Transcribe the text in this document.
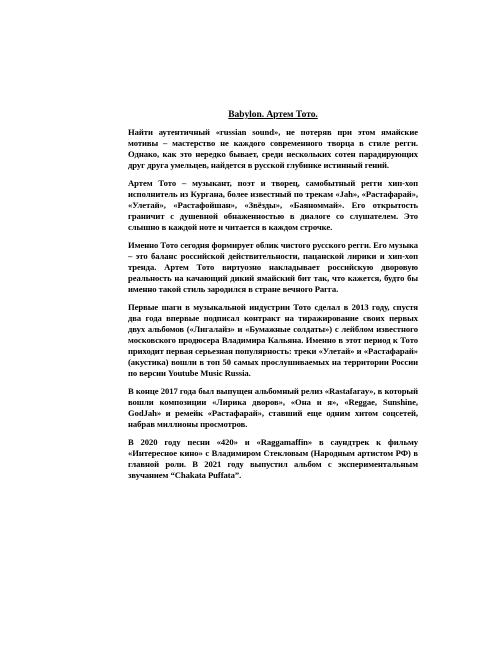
Babylon. Артем Тото.

Найти аутентичный «russian sound», не потеряв при этом ямайские мотивы – мастерство не каждого современного творца в стиле регги. Однако, как это нередко бывает, среди нескольких сотен парадирующих друг друга умельцев, найдется в русской глубинке истинный гений.

Артем Тото – музыкант, поэт и творец, самобытный регги хип-хоп исполнитель из Кургана, более известный по трекам «Jah», «Растафарай», «Улетай», «Растафойшан», «Звёзды», «Баяноммай». Его открытость граничит с душевной обнаженностью в диалоге со слушателем. Это слышно в каждой ноте и читается в каждом строчке.

Именно Тото сегодня формирует облик чистого русского регги. Его музыка – это баланс российской действительности, пацанской лирики и хип-хоп тренда. Артем Тото виртуозно накладывает российскую дворовую реальность на качающий дикий ямайский бит так, что кажется, будто бы именно такой стиль зародился в стране вечного Рагга.

Первые шаги в музыкальной индустрии Тото сделал в 2013 году, спустя два года впервые подписал контракт на тиражирование своих первых двух альбомов («Лигалайз» и «Бумажные солдаты») с лейблом известного московского продюсера Владимира Кальяна. Именно в этот период к Тото приходит первая серьезная популярность: треки «Улетай» и «Растафарай» (акустика) вошли в топ 50 самых прослушиваемых на территории России по версии Youtube Music Russia.

В конце 2017 года был выпущен альбомный релиз «Rastafaray», в который вошли композиции «Лирика дворов», «Она и я», «Reggae, Sunshine, GodJah» и ремейк «Растафарай», ставший еще одним хитом соцсетей, набрав миллионы просмотров.

В 2020 году песни «420» и «Raggamaffin» в саундтрек к фильму «Интересное кино» с Владимиром Стекловым (Народным артистом РФ) в главной роли. В 2021 году выпустил альбом с экспериментальным звучанием “Chakata Puffata”.
